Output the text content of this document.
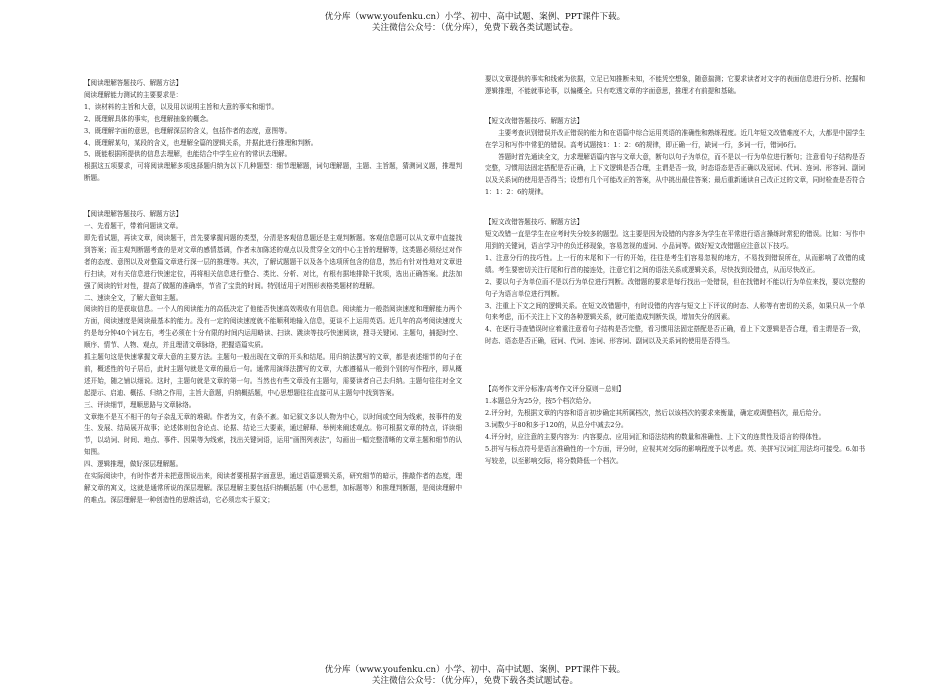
优分库（www.youfenku.cn）小学、初中、高中试题、案例、PPT课件下载。
关注微信公众号：（优分库），免费下载各类试题试卷。

【阅读理解答题技巧、解题方法】

阅读理解能力测试的主要要求是：

1、读材料的主旨和大意，以及用以说明主旨和大意的事实和细节。

2、既理解具体的事实，也理解抽象的概念。

3、既理解字面的意思，也理解深层的含义，包括作者的态度，意图等。

4、既理解某句，某段的含义，也理解全篇的逻辑关系，并据此进行推理和判断。

5、既能根据所提供的信息去理解，也能结合中学生应有的常识去理解。

根据这五项要求，可将阅读理解多项选择题归纳为以下几种题型：细节理解题，词句理解题，主题、主旨题，猜测词义题，推理判断题。

【阅读理解答题技巧、解题方法】

一、先看题干，带着问题读文章。

即先看试题，再读文章，阅读题干，首先要掌握问题的类型，分清是客观信息题还是主观判断题。客观信息题可以从文章中直接找到答案；而主观判断题考查的是对文章的感情基调，作者未加陈述的观点以及贯穿全文的中心主旨的理解等，这类题必须经过对作者的态度、意图以及对整篇文章进行深一层的推理等。其次，了解试题题干以及各个选项所包含的信息，然后有针对性地对文章进行扫读，对有关信息进行快速定位，再将相关信息进行整合、类比、分析、对比，有根有据地排除干扰项，选出正确答案。此法加强了阅读的针对性，提高了做题的准确率，节省了宝贵的时间。特别适用于对图形表格类题材的理解。

二、速读全文，了解大意知主题。

阅读的目的是获取信息。一个人的阅读能力的高低决定了他能否快速高效吸收有用信息。阅读能力一般指阅读速度和理解能力两个方面，阅读速度是阅读最基本的能力。没有一定的阅读速度就不能顺利地输入信息，更谈不上运用英语。近几年的高考阅读速度大约是每分钟40个词左右，考生必须在十分有限的时间内运用略读、扫读、跳读等技巧快速阅读，搜寻关键词、主题句，捕捉时空、顺序、情节、人物、观点，并且理清文章脉络，把握语篇实质。

抓主题句这是快速掌握文章大意的主要方法。主题句一般出现在文章的开头和结尾。用归纳法撰写的文章，都是表述细节的句子在前，概述性的句子居后，此时主题句就是文章的最后一句。通常用演绎法撰写的文章，大都遵循从一般到个别的写作程序，即从概述开始，随之铺以细说。这时，主题句就是文章的第一句。当然也有些文章没有主题句，需要读者自己去归纳。主题句往往对全文起提示、启迪、概括、归纳之作用，主旨大意题，归纳概括题，中心思想题往往直接可从主题句中找到答案。

三、评读细节，理顺思路与文章脉络。

文章绝不是互不相干的句子杂乱无章的堆砌。作者为文，有条不紊。如记叙文多以人物为中心，以时间或空间为线索，按事件的发生、发展、结局展开故事；论述体则包含论点、论据、结论三大要素，通过解释、举例来阐述观点。你可根据文章的特点，详读细节，以动词、时间、地点、事件、因果等为线索，找出关键词语，运用"画图列表法"，勾画出一幅完整清晰的文章主题和细节的认知图。

四、逻辑推理，做好深层理解题。

在实际阅读中，有时作者并未把意图说出来，阅读者要根据字面意思，通过语篇逻辑关系，研究细节的暗示，推敲作者的态度，理解文章的寓义，这就是通常所说的深层理解。深层理解主要包括归纳概括题（中心思想，加标题等）和推理判断题，是阅读理解中的难点。深层理解是一种创造性的思维活动，它必须忠实于原文；

要以文章提供的事实和线索为依据，立足已知推断未知，不能凭空想象，随意揣测；它要求读者对文字的表面信息进行分析、挖掘和逻辑推理，不能就事论事，以偏概全。只有吃透文章的字面意思，推理才有前提和基础。

【短文改错答题技巧、解题方法】

主要考查识别错误并改正错误的能力和在语篇中综合运用英语的准确性和熟练程度。近几年短文改错难度不大，大都是中国学生在学习和写作中常犯的错误。高考试题按1：1：2：6的规律，即正确一行，缺词一行，多词一行，错词6行。

答题时首先通读全文，力求理解语篇内容与文章大意，断句以句子为单位，而不是以一行为单位进行断句；注意看句子结构是否完整，习惯用法固定搭配是否正确，上下文逻辑是否合理，主谓是否一致，时态语态是否正确以及冠词、代词、连词、形容词、副词以及关系词的使用是否得当；设想有几个可能改正的答案，从中挑出最佳答案；最后重新通读自己改正过的文章，同时检查是否符合1：1：2：6的规律。

【短文改错答题技巧、解题方法】

短文改错一直是学生在应考时失分较多的题型。这主要是因为设错的内容多为学生在平常进行语言操练时常犯的错误。比如：写作中用到的关键词，语言学习中的负迁移现象，容易忽视的虚词、小品词等。做好短文改错题应注意以下技巧。

1、注意分行的技巧性。上一行的末尾和下一行的开始，往往是考生们容易忽视的地方，不易找到错误所在，从而影响了改错的成绩。考生要密切关注行尾和行首的接连处，注意它们之间的语法关系或逻辑关系，尽快找到设错点，从而尽快改正。

2、要以句子为单位而不是以行为单位进行判断。改错题的要求是每行找出一处错误，但在找错时不能以行为单位来找，要以完整的句子为语言单位进行判断。

3、注重上下文之间的逻辑关系。在短文改错题中，有时设错的内容与短文上下评议的时态、人称等有密切的关系，如果只从一个单句来考虑，而不关注上下文的各种逻辑关系，就可能造成判断失误，增加失分的因素。

4、在逐行寻查错误时应着重注意看句子结构是否完整，看习惯用法固定搭配是否正确，看上下文逻辑是否合理，看主谓是否一致，时态、语态是否正确，冠词、代词、连词、形容词、副词以及关系词的使用是否得当。

【高考作文评分标准/高考作文评分原则－总则】

1.本题总分为25分，按5个档次给分。

2.评分时，先根据文章的内容和语言初步确定其所属档次，然后以该档次的要求来衡量，确定或调整档次，最后给分。

3.词数少于80和多于120的，从总分中减去2分。

4.评分时，应注意的主要内容为：内容要点、应用词汇和语法结构的数量和准确性、上下文的连贯性及语言的得体性。

5.拼写与标点符号是语言准确性的一个方面，评分时，应视其对交际的影响程度予以考虑。英、美拼写汉词汇用法均可接受。6.如书写较差，以至影响交际，将分数降低一个档次。

优分库（www.youfenku.cn）小学、初中、高中试题、案例、PPT课件下载。
关注微信公众号：（优分库），免费下载各类试题试卷。
